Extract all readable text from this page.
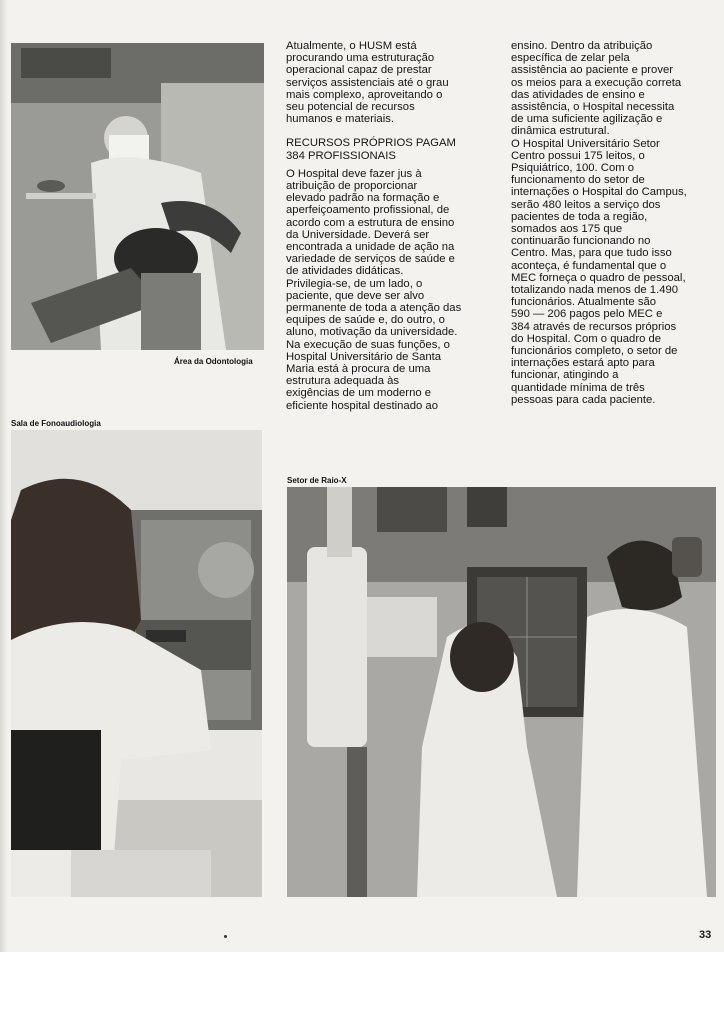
Área da Odontologia
Sala de Fonoaudiologia

Atualmente, o HUSM está
procurando uma estruturação
operacional capaz de prestar
serviços assistenciais até o grau
mais complexo, aproveitando o
seu potencial de recursos
humanos e materiais.

RECURSOS PRÓPRIOS PAGAM
384 PROFISSIONAIS

O Hospital deve fazer jus à
atribuição de proporcionar
elevado padrão na formação e
aperfeiçoamento profissional, de
acordo com a estrutura de ensino
da Universidade. Deverá ser
encontrada a unidade de ação na
variedade de serviços de saúde e
de atividades didáticas.
Privilegia-se, de um lado, o
paciente, que deve ser alvo
permanente de toda a atenção das
equipes de saúde e, do outro, o
aluno, motivação da universidade.
Na execução de suas funções, o
Hospital Universitário de Santa
Maria está à procura de uma
estrutura adequada às
exigências de um moderno e
eficiente hospital destinado ao

ensino. Dentro da atribuição
específica de zelar pela
assistência ao paciente e prover
os meios para a execução correta
das atividades de ensino e
assistência, o Hospital necessita
de uma suficiente agilização e
dinâmica estrutural.

O Hospital Universitário Setor
Centro possui 175 leitos, o
Psiquiátrico, 100. Com o
funcionamento do setor de
internações o Hospital do Campus,
serão 480 leitos a serviço dos
pacientes de toda a região,
somados aos 175 que
continuarão funcionando no
Centro. Mas, para que tudo isso
aconteça, é fundamental que o
MEC forneça o quadro de pessoal,
totalizando nada menos de 1.490
funcionários. Atualmente são
590 — 206 pagos pelo MEC e
384 através de recursos próprios
do Hospital. Com o quadro de
funcionários completo, o setor de
internações estará apto para
funcionar, atingindo a
quantidade mínima de três
pessoas para cada paciente.

Setor de Raio-X
33
